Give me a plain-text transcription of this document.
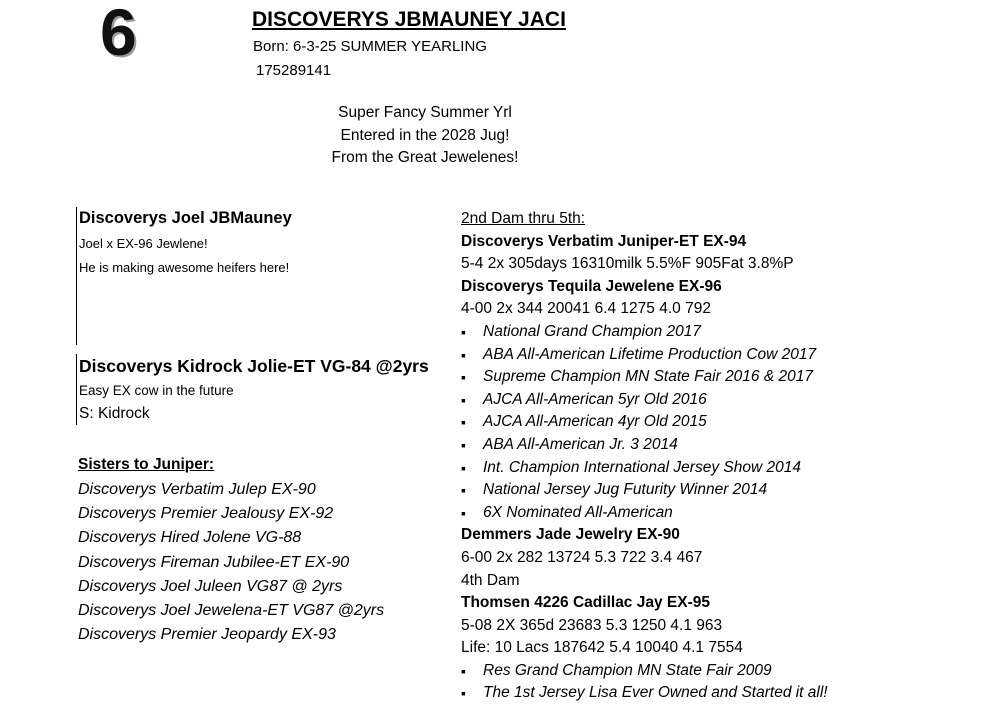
6	DISCOVERYS JBMAUNEY JACI
Born: 6-3-25 SUMMER YEARLING
175289141
Super Fancy Summer Yrl
Entered in the 2028 Jug!
From the Great Jewelenes!
Discoverys Joel JBMauney
Joel x EX-96 Jewlene!
He is making awesome heifers here!
Discoverys Kidrock Jolie-ET VG-84 @2yrs
Easy EX cow in the future
S: Kidrock
Sisters to Juniper:
Discoverys Verbatim Julep EX-90
Discoverys Premier Jealousy EX-92
Discoverys Hired Jolene VG-88
Discoverys Fireman Jubilee-ET EX-90
Discoverys Joel Juleen VG87 @ 2yrs
Discoverys Joel Jewelena-ET VG87 @2yrs
Discoverys Premier Jeopardy EX-93
2nd Dam thru 5th:
Discoverys Verbatim Juniper-ET EX-94
5-4 2x 305days 16310milk 5.5%F 905Fat 3.8%P
Discoverys Tequila Jewelene EX-96
4-00 2x 344 20041 6.4 1275 4.0 792
▪ National Grand Champion 2017
▪ ABA All-American Lifetime Production Cow 2017
▪ Supreme Champion MN State Fair 2016 & 2017
▪ AJCA All-American 5yr Old 2016
▪ AJCA All-American 4yr Old 2015
▪ ABA All-American Jr. 3 2014
▪ Int. Champion International Jersey Show 2014
▪ National Jersey Jug Futurity Winner 2014
▪ 6X Nominated All-American
Demmers Jade Jewelry EX-90
6-00 2x 282 13724 5.3 722 3.4 467
4th Dam
Thomsen 4226 Cadillac Jay EX-95
5-08 2X 365d 23683 5.3 1250 4.1 963
Life: 10 Lacs 187642 5.4 10040 4.1 7554
▪ Res Grand Champion MN State Fair 2009
▪ The 1st Jersey Lisa Ever Owned and Started it all!
